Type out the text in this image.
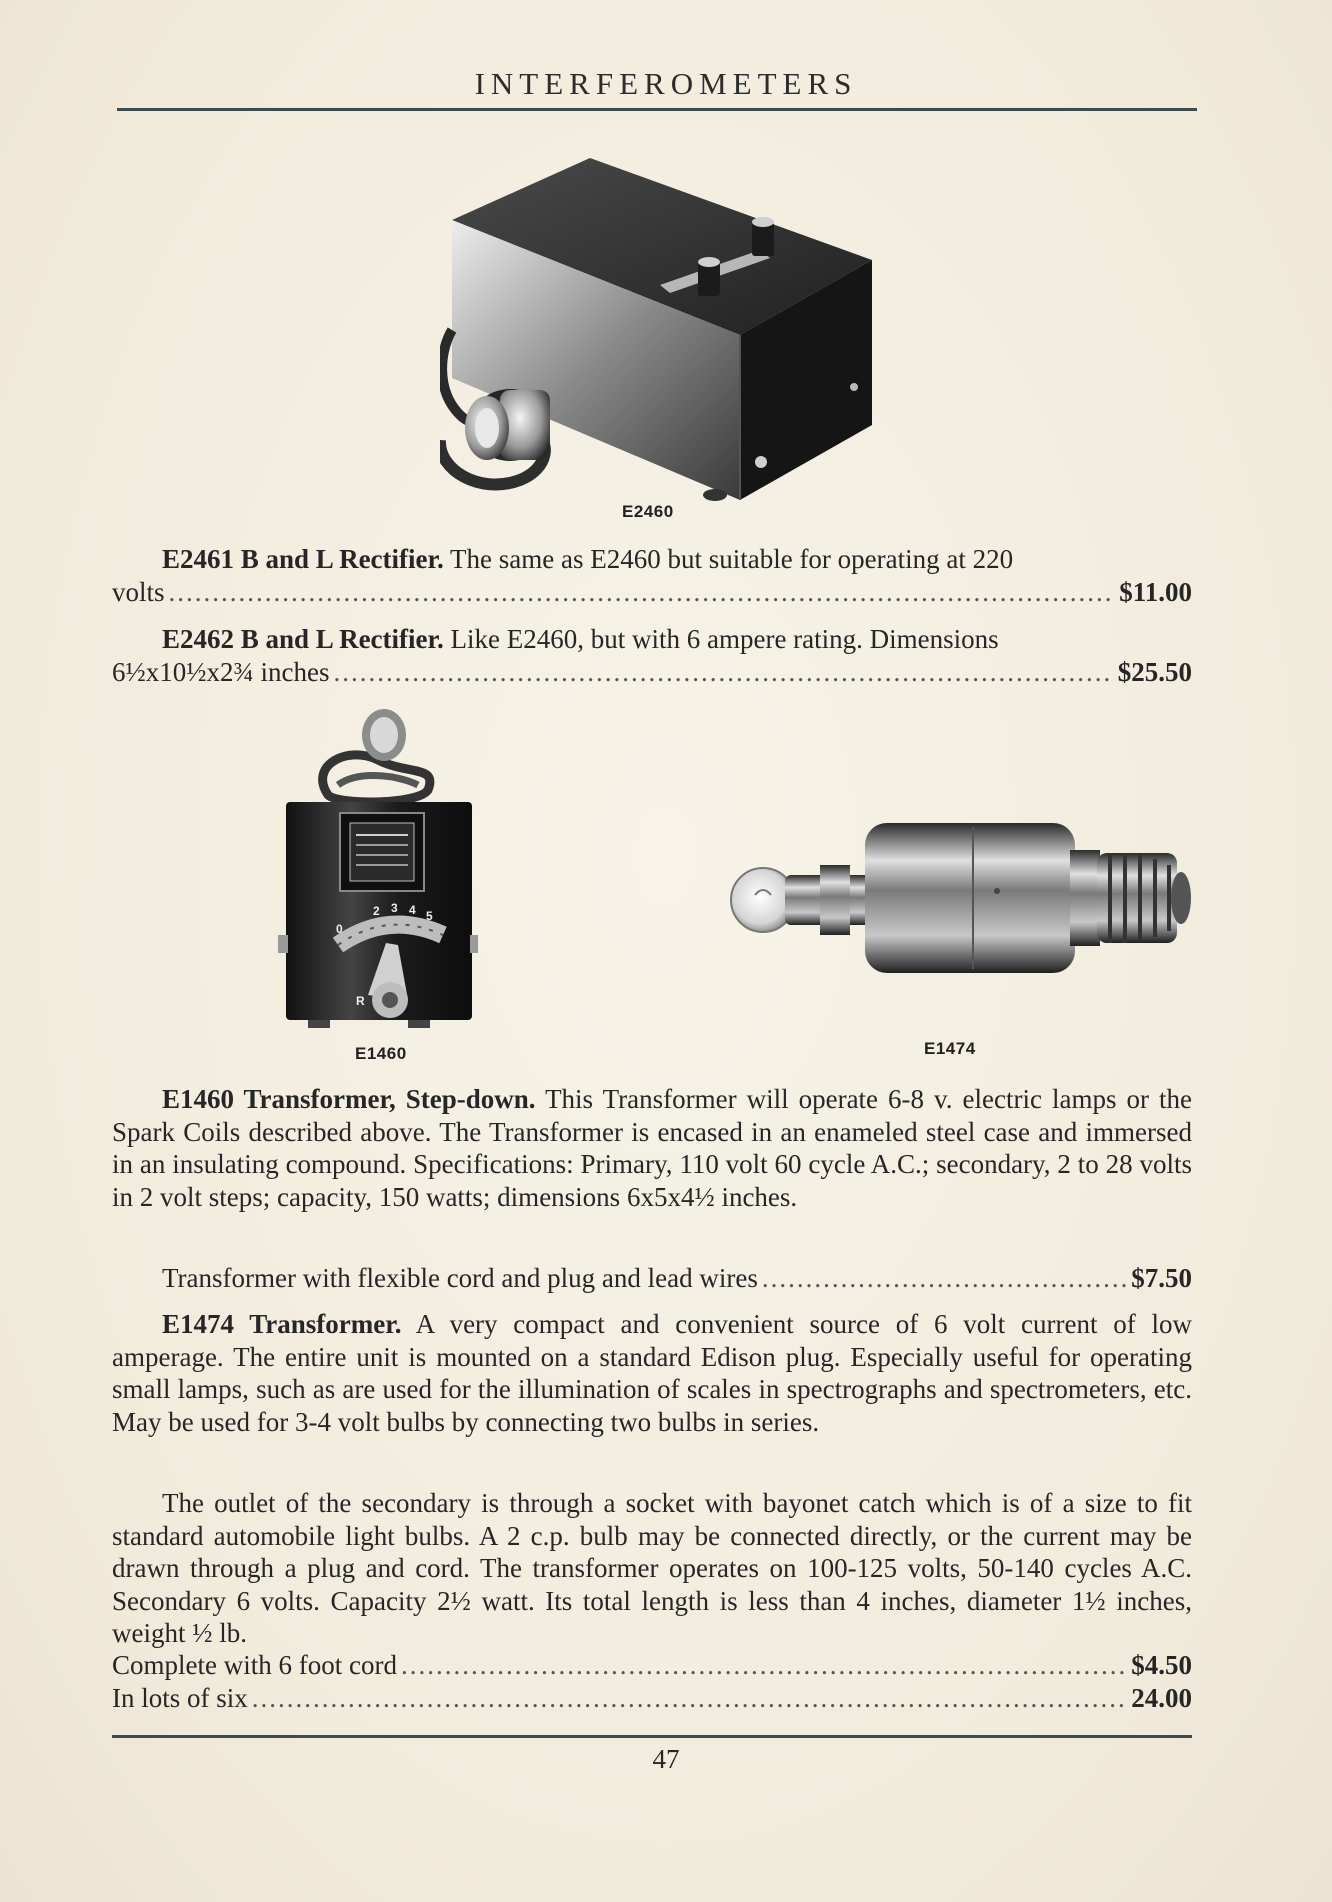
INTERFEROMETERS
E2460
E2461 B and L Rectifier. The same as E2460 but suitable for operating at 220
volts .....	$11.00
E2462 B and L Rectifier. Like E2460, but with 6 ampere rating. Dimensions
6½x10½x2¾ inches .....	$25.50
0
2 3 4 5
R
E1460	E1474
E1460 Transformer, Step-down. This Transformer will operate 6-8 v. electric lamps or the Spark Coils described above. The Transformer is encased in an enameled steel case and immersed in an insulating compound. Specifications: Primary, 110 volt 60 cycle A.C.; secondary, 2 to 28 volts in 2 volt steps; capacity, 150 watts; dimensions 6x5x4½ inches.
Transformer with flexible cord and plug and lead wires .....	$7.50
E1474 Transformer. A very compact and convenient source of 6 volt current of low amperage. The entire unit is mounted on a standard Edison plug. Especially useful for operating small lamps, such as are used for the illumination of scales in spectrographs and spectrometers, etc. May be used for 3-4 volt bulbs by connecting two bulbs in series.
The outlet of the secondary is through a socket with bayonet catch which is of a size to fit standard automobile light bulbs. A 2 c.p. bulb may be connected directly, or the current may be drawn through a plug and cord. The transformer operates on 100-125 volts, 50-140 cycles A.C. Secondary 6 volts. Capacity 2½ watt. Its total length is less than 4 inches, diameter 1½ inches, weight ½ lb.
Complete with 6 foot cord .....	$4.50
In lots of six .....	24.00
47
